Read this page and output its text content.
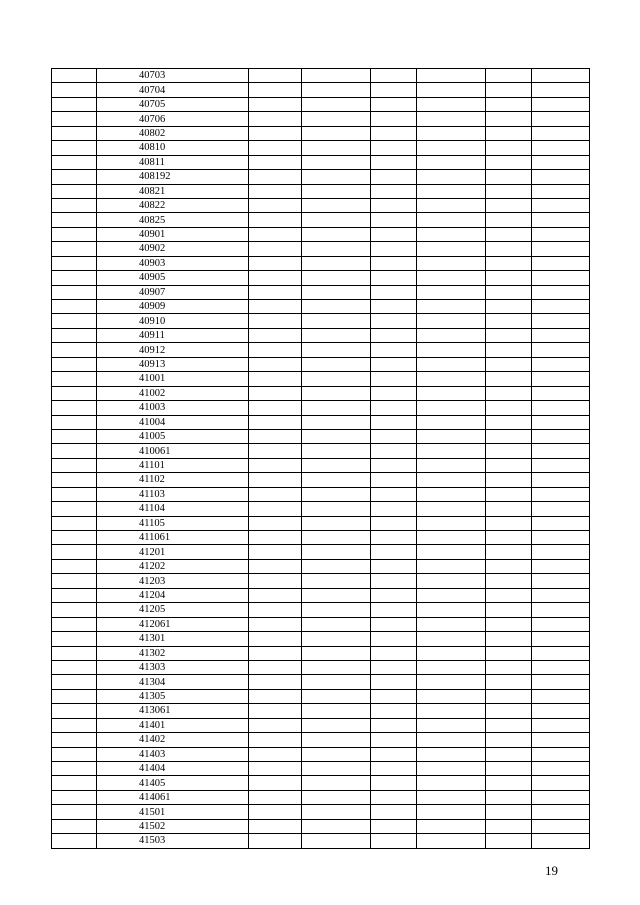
	40703						
	40704						
	40705						
	40706						
	40802						
	40810						
	40811						
	408192						
	40821						
	40822						
	40825						
	40901						
	40902						
	40903						
	40905						
	40907						
	40909						
	40910						
	40911						
	40912						
	40913						
	41001						
	41002						
	41003						
	41004						
	41005						
	410061						
	41101						
	41102						
	41103						
	41104						
	41105						
	411061						
	41201						
	41202						
	41203						
	41204						
	41205						
	412061						
	41301						
	41302						
	41303						
	41304						
	41305						
	413061						
	41401						
	41402						
	41403						
	41404						
	41405						
	414061						
	41501						
	41502						
	41503						
19
